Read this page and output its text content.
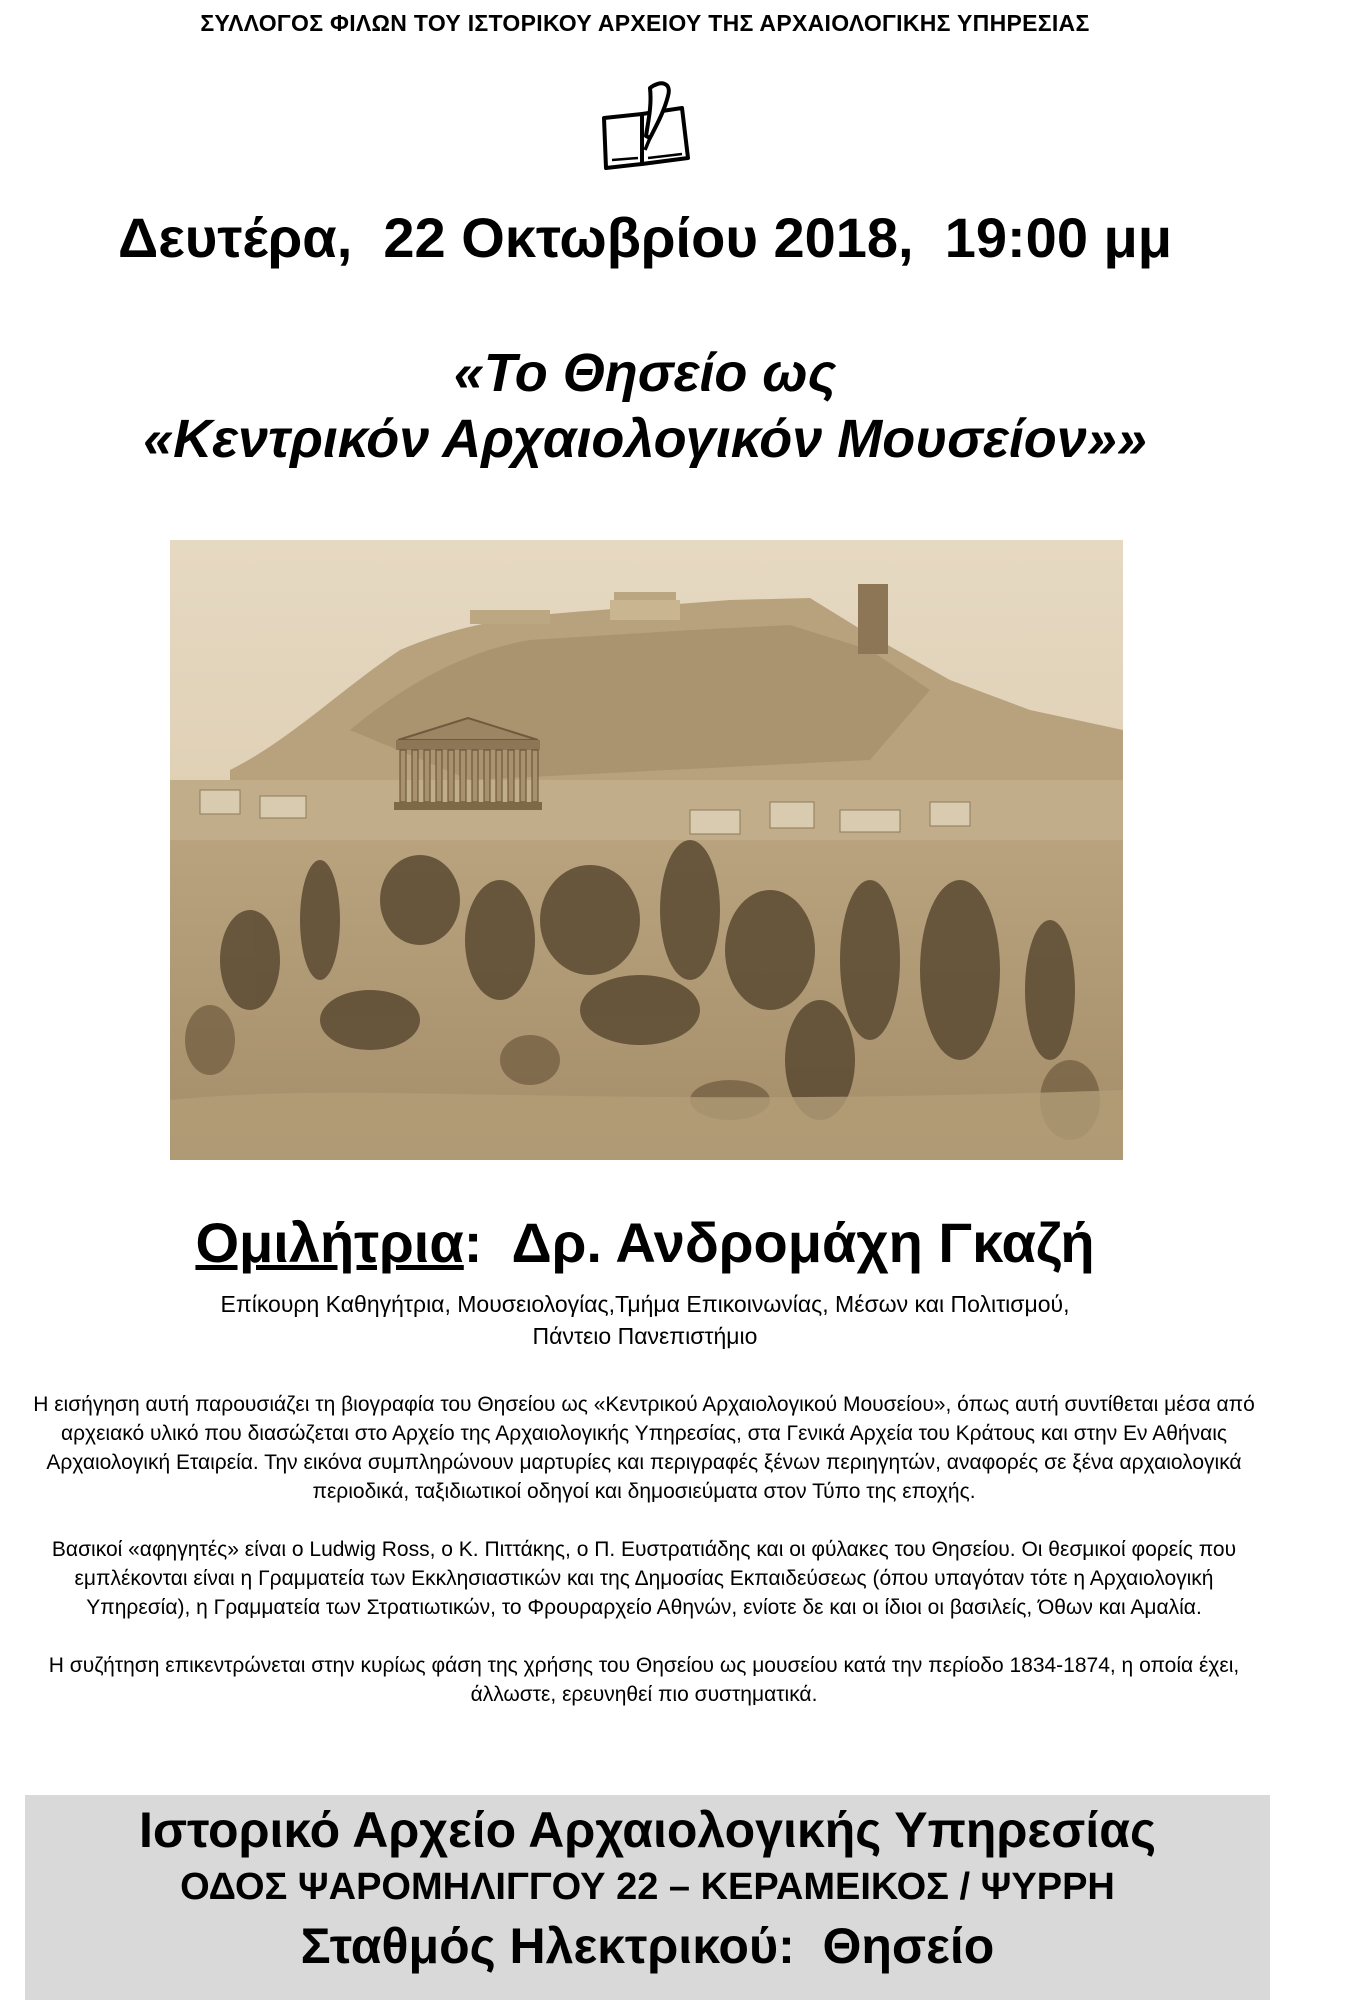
ΣΥΛΛΟΓΟΣ ΦΙΛΩΝ ΤΟΥ ΙΣΤΟΡΙΚΟΥ ΑΡΧΕΙΟΥ ΤΗΣ ΑΡΧΑΙΟΛΟΓΙΚΗΣ ΥΠΗΡΕΣΙΑΣ
Δευτέρα,  22 Οκτωβρίου 2018,  19:00 μμ
«Το Θησείο ως
«Κεντρικόν Αρχαιολογικόν Μουσείον»»
Ομιλήτρια:  Δρ. Ανδρομάχη Γκαζή
Επίκουρη Καθηγήτρια, Μουσειολογίας,Τμήμα Επικοινωνίας, Μέσων και Πολιτισμού,
Πάντειο Πανεπιστήμιο

Η εισήγηση αυτή παρουσιάζει τη βιογραφία του Θησείου ως «Κεντρικού Αρχαιολογικού Μουσείου», όπως αυτή συντίθεται μέσα από αρχειακό υλικό που διασώζεται στο Αρχείο της Αρχαιολογικής Υπηρεσίας, στα Γενικά Αρχεία του Κράτους και στην Εν Αθήναις Αρχαιολογική Εταιρεία. Την εικόνα συμπληρώνουν μαρτυρίες και περιγραφές ξένων περιηγητών, αναφορές σε ξένα αρχαιολογικά περιοδικά, ταξιδιωτικοί οδηγοί και δημοσιεύματα στον Τύπο της εποχής.

Βασικοί «αφηγητές» είναι ο Ludwig Ross, ο Κ. Πιττάκης, ο Π. Ευστρατιάδης και οι φύλακες του Θησείου. Οι θεσμικοί φορείς που εμπλέκονται είναι η Γραμματεία των Εκκλησιαστικών και της Δημοσίας Εκπαιδεύσεως (όπου υπαγόταν τότε η Αρχαιολογική Υπηρεσία), η Γραμματεία των Στρατιωτικών, το Φρουραρχείο Αθηνών, ενίοτε δε και οι ίδιοι οι βασιλείς, Όθων και Αμαλία.

Η συζήτηση επικεντρώνεται στην κυρίως φάση της χρήσης του Θησείου ως μουσείου κατά την περίοδο 1834-1874, η οποία έχει, άλλωστε, ερευνηθεί πιο συστηματικά.

Ιστορικό Αρχείο Αρχαιολογικής Υπηρεσίας
ΟΔΟΣ ΨΑΡΟΜΗΛΙΓΓΟΥ 22 – ΚΕΡΑΜΕΙΚΟΣ / ΨΥΡΡΗ
Σταθμός Ηλεκτρικού:  Θησείο
